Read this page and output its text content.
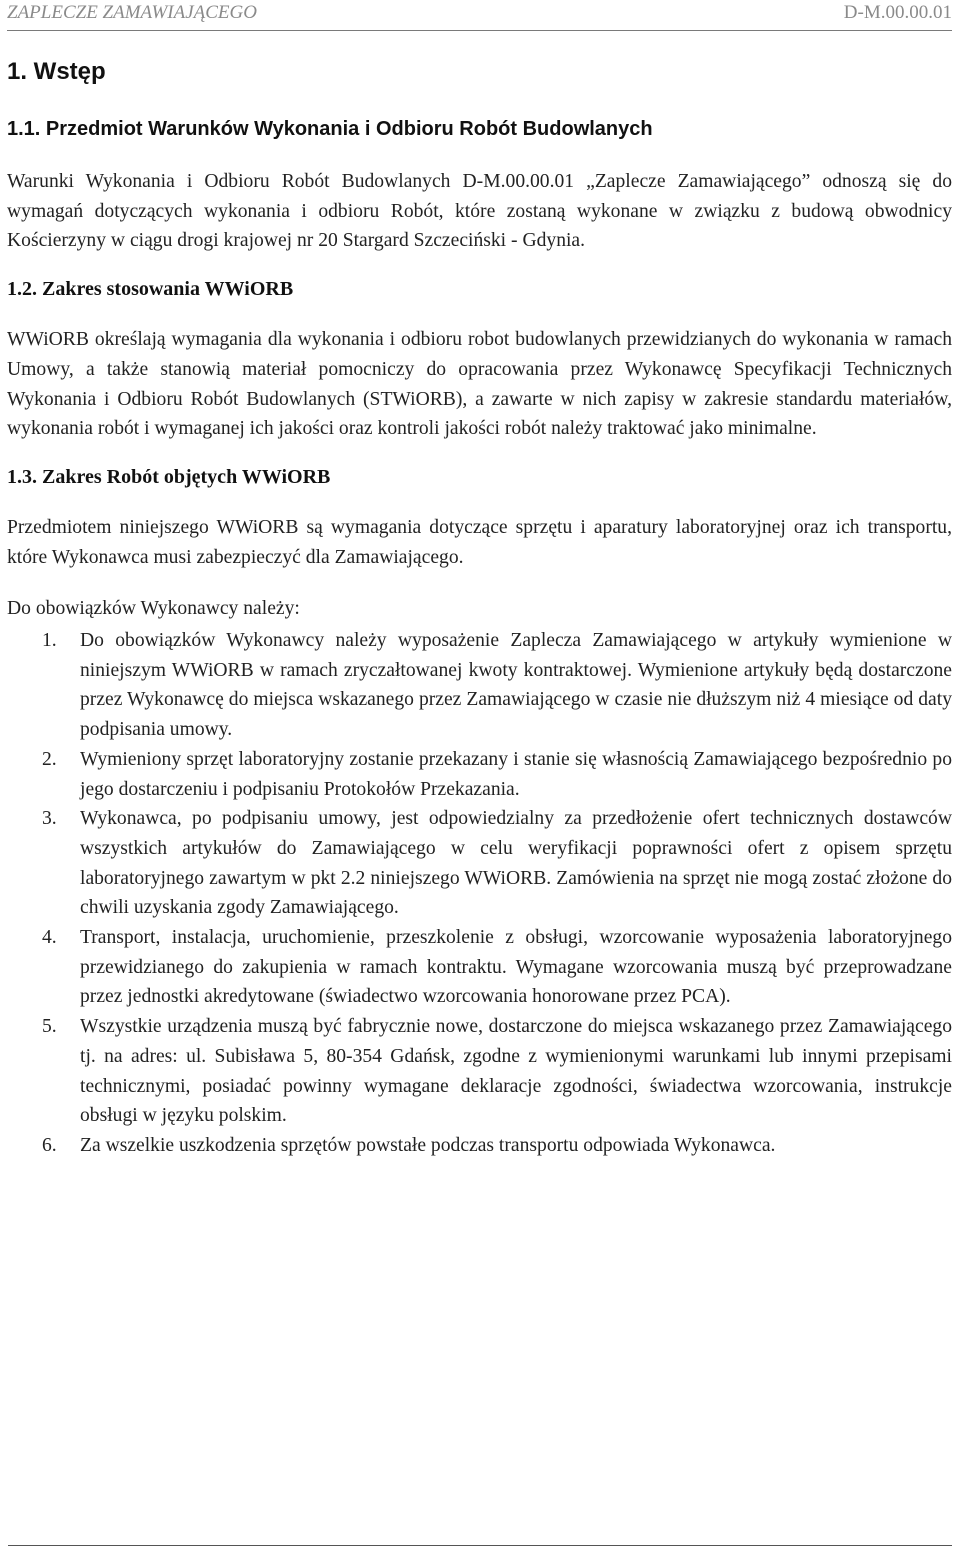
ZAPLECZE ZAMAWIAJĄCEGO	D-M.00.00.01
1. Wstęp
1.1. Przedmiot Warunków Wykonania i Odbioru Robót Budowlanych

Warunki Wykonania i Odbioru Robót Budowlanych D-M.00.00.01 „Zaplecze Zamawiającego” odnoszą się do wymagań dotyczących wykonania i odbioru Robót, które zostaną wykonane w związku z budową obwodnicy Kościerzyny w ciągu drogi krajowej nr 20 Stargard Szczeciński - Gdynia.

1.2. Zakres stosowania WWiORB

WWiORB określają wymagania dla wykonania i odbioru robot budowlanych przewidzianych do wykonania w ramach Umowy, a także stanowią materiał pomocniczy do opracowania przez Wykonawcę Specyfikacji Technicznych Wykonania i Odbioru Robót Budowlanych (STWiORB), a zawarte w nich zapisy w zakresie standardu materiałów, wykonania robót i wymaganej ich jakości oraz kontroli jakości robót należy traktować jako minimalne.

1.3. Zakres Robót objętych WWiORB

Przedmiotem niniejszego WWiORB są wymagania dotyczące sprzętu i aparatury laboratoryjnej oraz ich transportu, które Wykonawca musi zabezpieczyć dla Zamawiającego.

Do obowiązków Wykonawcy należy:

1. Do obowiązków Wykonawcy należy wyposażenie Zaplecza Zamawiającego w artykuły wymienione w niniejszym WWiORB w ramach zryczałtowanej kwoty kontraktowej. Wymienione artykuły będą dostarczone przez Wykonawcę do miejsca wskazanego przez Zamawiającego w czasie nie dłuższym niż 4 miesiące od daty podpisania umowy.
2. Wymieniony sprzęt laboratoryjny zostanie przekazany i stanie się własnością Zamawiającego bezpośrednio po jego dostarczeniu i podpisaniu Protokołów Przekazania.
3. Wykonawca, po podpisaniu umowy, jest odpowiedzialny za przedłożenie ofert technicznych dostawców wszystkich artykułów do Zamawiającego w celu weryfikacji poprawności ofert z opisem sprzętu laboratoryjnego zawartym w pkt 2.2 niniejszego WWiORB. Zamówienia na sprzęt nie mogą zostać złożone do chwili uzyskania zgody Zamawiającego.
4. Transport, instalacja, uruchomienie, przeszkolenie z obsługi, wzorcowanie wyposażenia laboratoryjnego przewidzianego do zakupienia w ramach kontraktu. Wymagane wzorcowania muszą być przeprowadzane przez jednostki akredytowane (świadectwo wzorcowania honorowane przez PCA).
5. Wszystkie urządzenia muszą być fabrycznie nowe, dostarczone do miejsca wskazanego przez Zamawiającego tj. na adres: ul. Subisława 5, 80-354 Gdańsk, zgodne z wymienionymi warunkami lub innymi przepisami technicznymi, posiadać powinny wymagane deklaracje zgodności, świadectwa wzorcowania, instrukcje obsługi w języku polskim.
6. Za wszelkie uszkodzenia sprzętów powstałe podczas transportu odpowiada Wykonawca.
